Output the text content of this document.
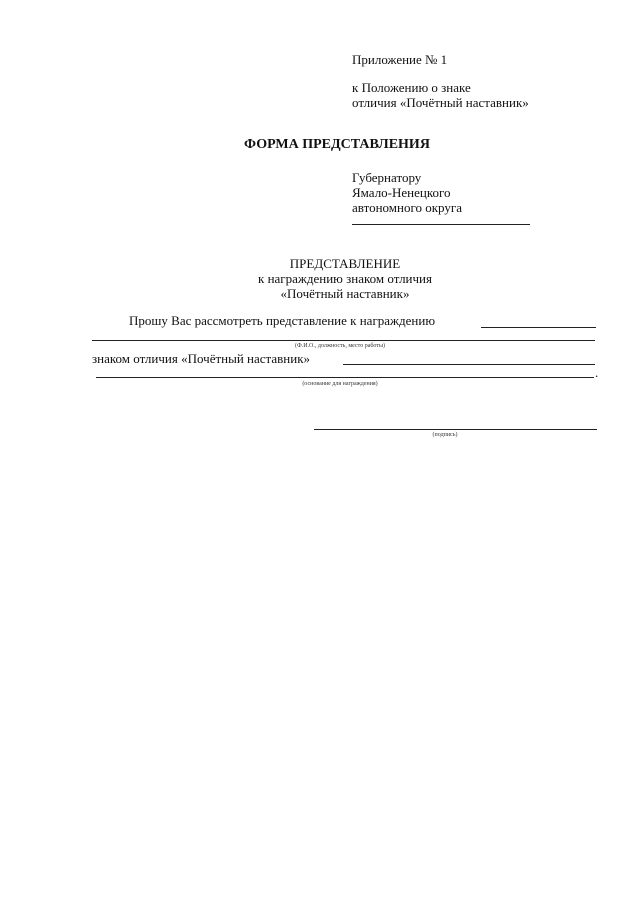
Приложение № 1
к Положению о знаке
отличия «Почётный наставник»
ФОРМА ПРЕДСТАВЛЕНИЯ
Губернатору
Ямало-Ненецкого
автономного округа
ПРЕДСТАВЛЕНИЕ
к награждению знаком отличия
«Почётный наставник»
Прошу Вас рассмотреть представление к награждению
(Ф.И.О., должность, место работы)
знаком отличия «Почётный наставник»
.
(основание для награждения)
(подпись)
